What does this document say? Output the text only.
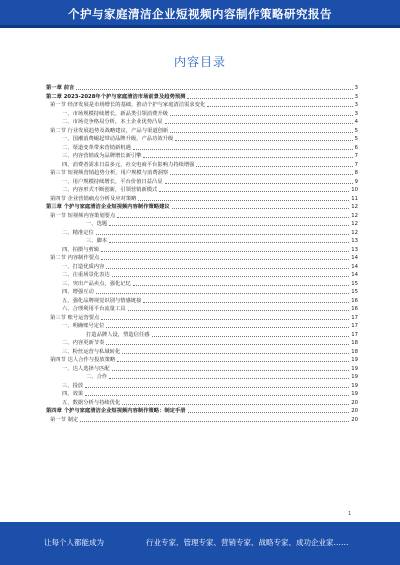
个护与家庭清洁企业短视频内容制作策略研究报告
内容目录
第一章 前言	3
第二章 2023-2028年个护与家庭清洁市场前景及趋势预测	3
第一节 经济发展是市场增长的基础，推动个护与家庭清洁需求变化	3
一、市场规模持续增长，新品类引领消费升级	3
二、市场竞争格局分析，本土企业优势凸显	4
第二节 行业发展趋势及战略建议，产品与渠道创新	5
一、国潮消费崛起带动品牌升级，产品功效升级	5
二、渠道变革带来营销新机遇	6
三、内容营销成为品牌增长新引擎	7
四、消费者需求日益多元，社交电商平台影响力持续增强	7
第三节 短视频营销趋势分析，用户规模与消费洞察	8
一、用户规模持续增长，平台价值日益凸显	9
二、内容形式不断创新，引领营销新模式	10
第四节 企业营销痛点分析及应对策略	11
第三章 个护与家庭清洁企业短视频内容制作策略建议	12
第一节 短视频内容策划要点	12
一、选题	12
二、精准定位	12
三、脚本	13
四、拍摄与剪辑	13
第二节 内容制作要点	14
一、打造优质内容	14
二、注重场景化表达	14
三、突出产品卖点，强化记忆	15
四、增强互动	15
五、强化品牌视觉识别与情感链接	16
六、合理利用平台流量工具	16
第三节 账号运营要点	17
一、明确账号定位	17
打造品牌人设，塑造信任感	17
二、内容更新节奏	18
三、粉丝运营与私域转化	18
第四节 达人合作与投放策略	19
一、达人选择与匹配	19
二、合作	19
三、投放	19
四、效果	19
五、数据分析与持续优化	20
第四章 个护与家庭清洁企业短视频内容制作策略：制定手册	20
第一节 制定	20
1
让每个人都能成为	行业专家、管理专家、营销专家、战略专家、成功企业家……
